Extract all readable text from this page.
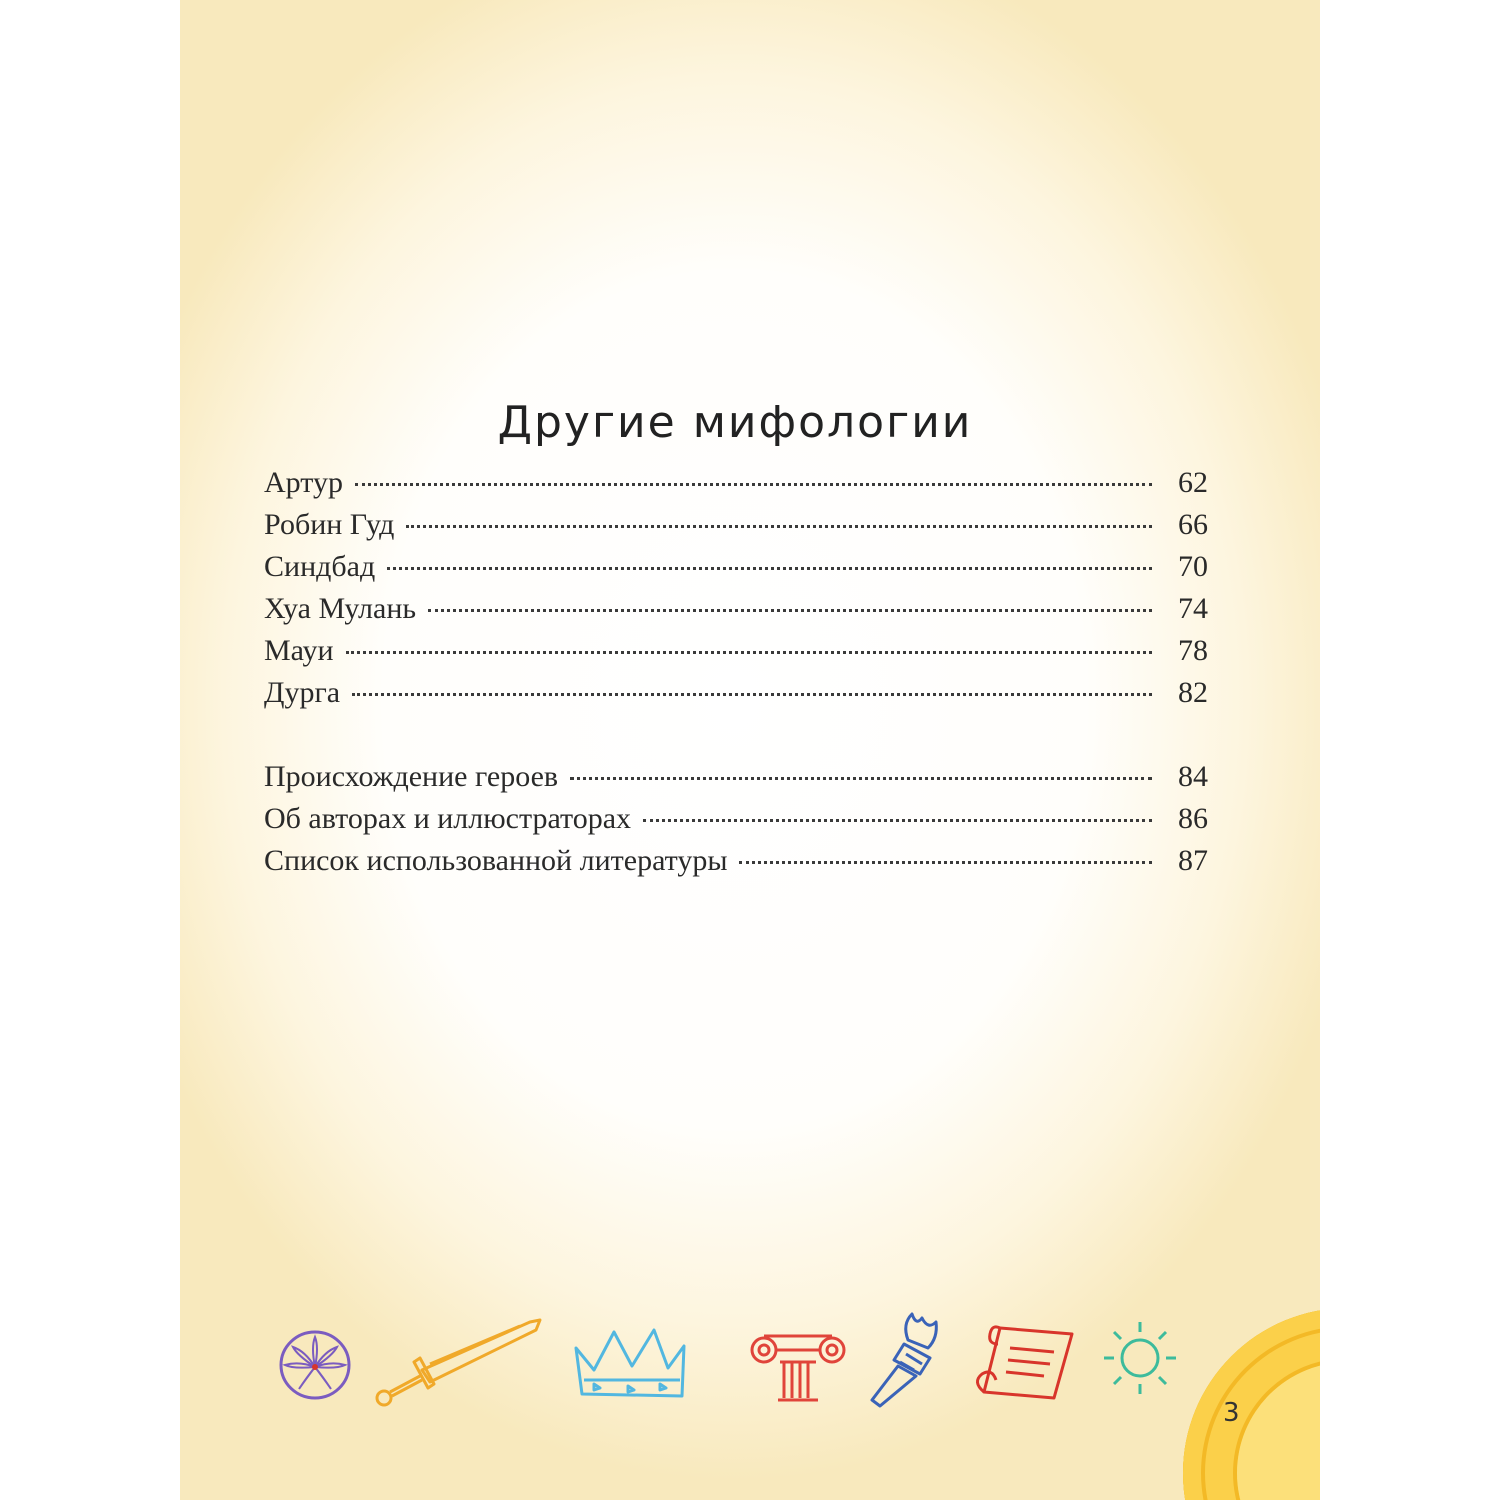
Другие мифологии
Артур	62
Робин Гуд	66
Синдбад	70
Хуа Мулань	74
Мауи	78
Дурга	82
Происхождение героев	84
Об авторах и иллюстраторах	86
Список использованной литературы	87
3
